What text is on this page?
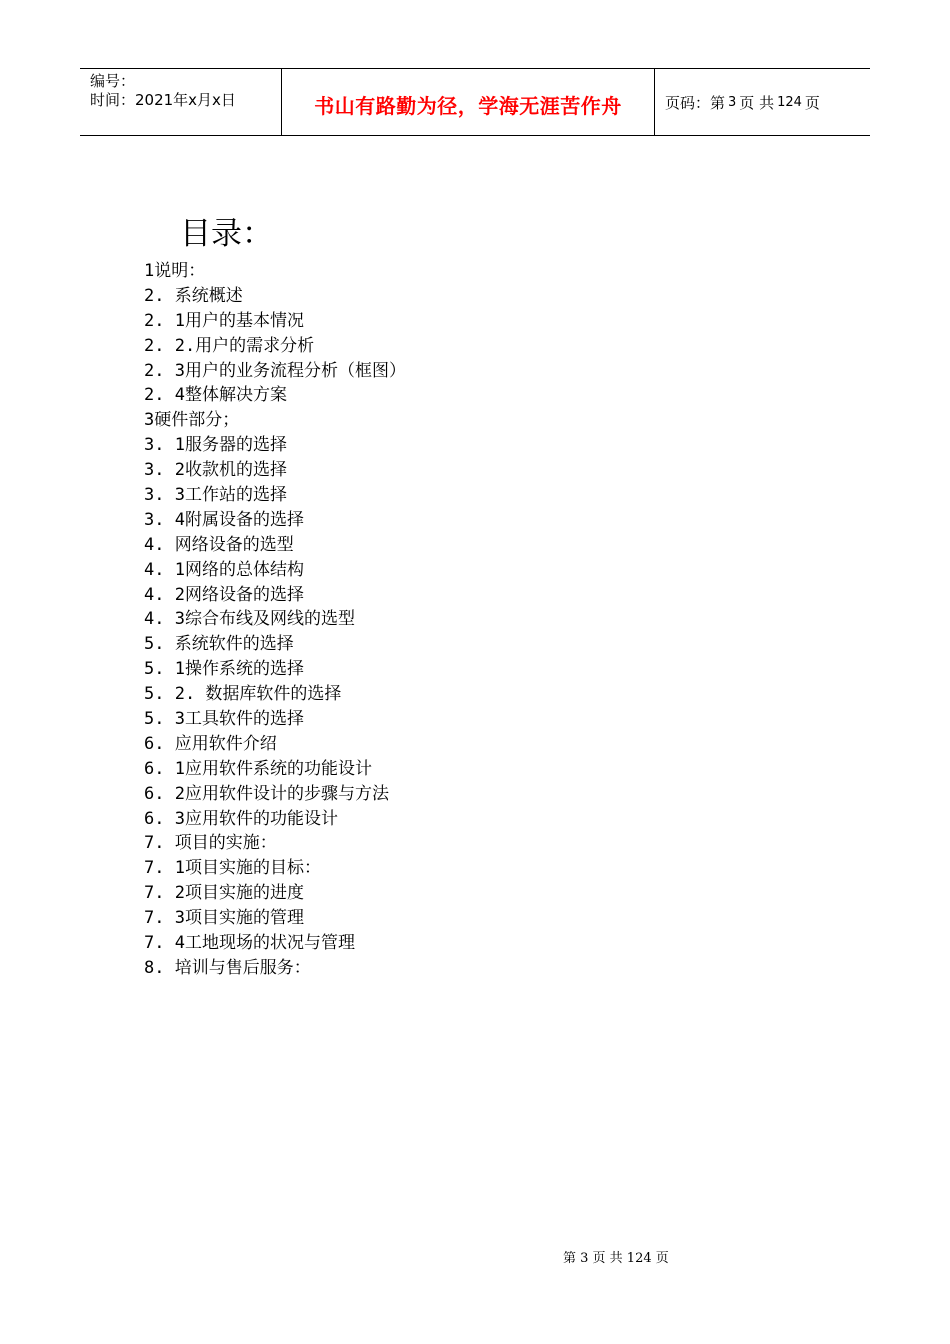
编号：
时间：2021年x月x日	书山有路勤为径，学海无涯苦作舟	页码：第 3 页 共 124 页
目录：
1说明：
2. 系统概述
2. 1用户的基本情况
2. 2.用户的需求分析
2. 3用户的业务流程分析（框图）
2. 4整体解决方案
3硬件部分；
3. 1服务器的选择
3. 2收款机的选择
3. 3工作站的选择
3. 4附属设备的选择
4. 网络设备的选型
4. 1网络的总体结构
4. 2网络设备的选择
4. 3综合布线及网线的选型
5. 系统软件的选择
5. 1操作系统的选择
5. 2. 数据库软件的选择
5. 3工具软件的选择
6. 应用软件介绍
6. 1应用软件系统的功能设计
6. 2应用软件设计的步骤与方法
6. 3应用软件的功能设计
7. 项目的实施：
7. 1项目实施的目标：
7. 2项目实施的进度
7. 3项目实施的管理
7. 4工地现场的状况与管理
8. 培训与售后服务：
第 3 页 共 124 页
